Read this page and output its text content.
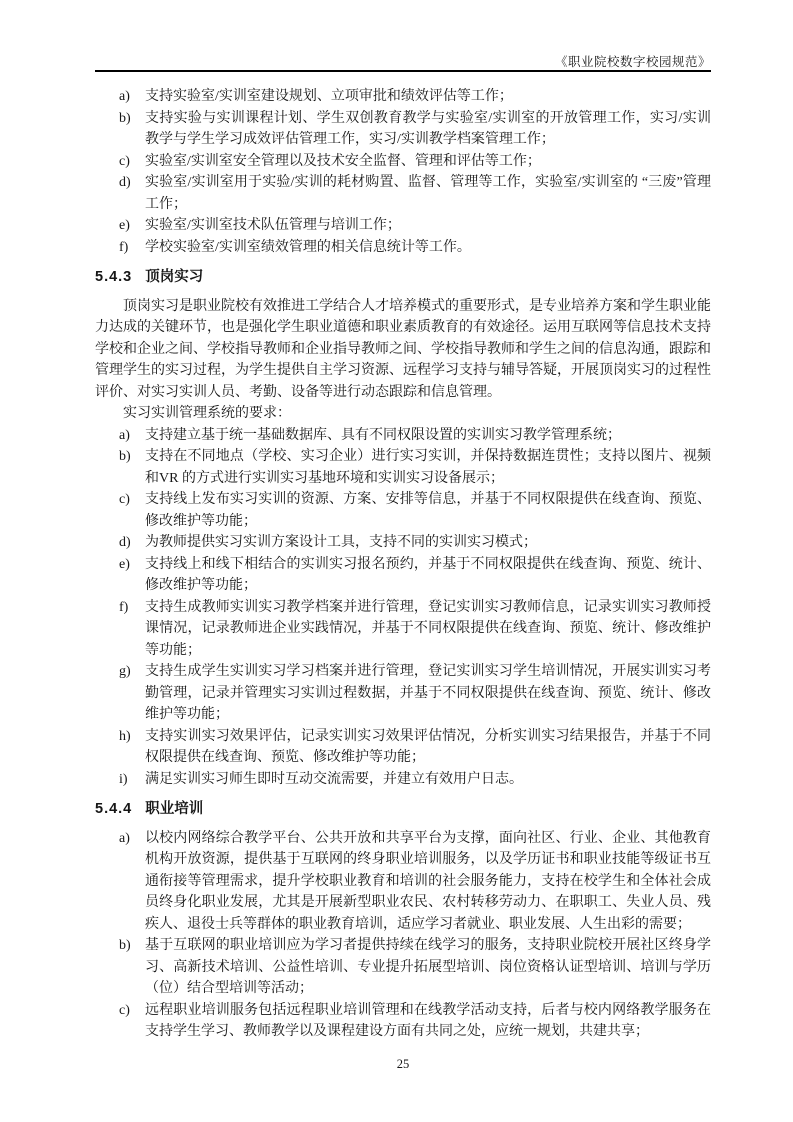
《职业院校数字校园规范》
a) 支持实验室/实训室建设规划、立项审批和绩效评估等工作；
b) 支持实验与实训课程计划、学生双创教育教学与实验室/实训室的开放管理工作，实习/实训教学与学生学习成效评估管理工作，实习/实训教学档案管理工作；
c) 实验室/实训室安全管理以及技术安全监督、管理和评估等工作；
d) 实验室/实训室用于实验/实训的耗材购置、监督、管理等工作，实验室/实训室的 “三废”管理工作；
e) 实验室/实训室技术队伍管理与培训工作；
f) 学校实验室/实训室绩效管理的相关信息统计等工作。
5.4.3 顶岗实习

顶岗实习是职业院校有效推进工学结合人才培养模式的重要形式，是专业培养方案和学生职业能力达成的关键环节，也是强化学生职业道德和职业素质教育的有效途径。运用互联网等信息技术支持学校和企业之间、学校指导教师和企业指导教师之间、学校指导教师和学生之间的信息沟通，跟踪和管理学生的实习过程，为学生提供自主学习资源、远程学习支持与辅导答疑，开展顶岗实习的过程性评价、对实习实训人员、考勤、设备等进行动态跟踪和信息管理。

实习实训管理系统的要求：

a) 支持建立基于统一基础数据库、具有不同权限设置的实训实习教学管理系统；
b) 支持在不同地点（学校、实习企业）进行实习实训，并保持数据连贯性；支持以图片、视频和VR 的方式进行实训实习基地环境和实训实习设备展示；
c) 支持线上发布实习实训的资源、方案、安排等信息，并基于不同权限提供在线查询、预览、修改维护等功能；
d) 为教师提供实习实训方案设计工具，支持不同的实训实习模式；
e) 支持线上和线下相结合的实训实习报名预约，并基于不同权限提供在线查询、预览、统计、修改维护等功能；
f) 支持生成教师实训实习教学档案并进行管理，登记实训实习教师信息，记录实训实习教师授课情况，记录教师进企业实践情况，并基于不同权限提供在线查询、预览、统计、修改维护等功能；
g) 支持生成学生实训实习学习档案并进行管理，登记实训实习学生培训情况，开展实训实习考勤管理，记录并管理实习实训过程数据，并基于不同权限提供在线查询、预览、统计、修改维护等功能；
h) 支持实训实习效果评估，记录实训实习效果评估情况，分析实训实习结果报告，并基于不同权限提供在线查询、预览、修改维护等功能；
i) 满足实训实习师生即时互动交流需要，并建立有效用户日志。
5.4.4 职业培训
a) 以校内网络综合教学平台、公共开放和共享平台为支撑，面向社区、行业、企业、其他教育机构开放资源，提供基于互联网的终身职业培训服务，以及学历证书和职业技能等级证书互通衔接等管理需求，提升学校职业教育和培训的社会服务能力，支持在校学生和全体社会成员终身化职业发展，尤其是开展新型职业农民、农村转移劳动力、在职职工、失业人员、残疾人、退役士兵等群体的职业教育培训，适应学习者就业、职业发展、人生出彩的需要；
b) 基于互联网的职业培训应为学习者提供持续在线学习的服务，支持职业院校开展社区终身学习、高新技术培训、公益性培训、专业提升拓展型培训、岗位资格认证型培训、培训与学历（位）结合型培训等活动；
c) 远程职业培训服务包括远程职业培训管理和在线教学活动支持，后者与校内网络教学服务在支持学生学习、教师教学以及课程建设方面有共同之处，应统一规划，共建共享；
25
